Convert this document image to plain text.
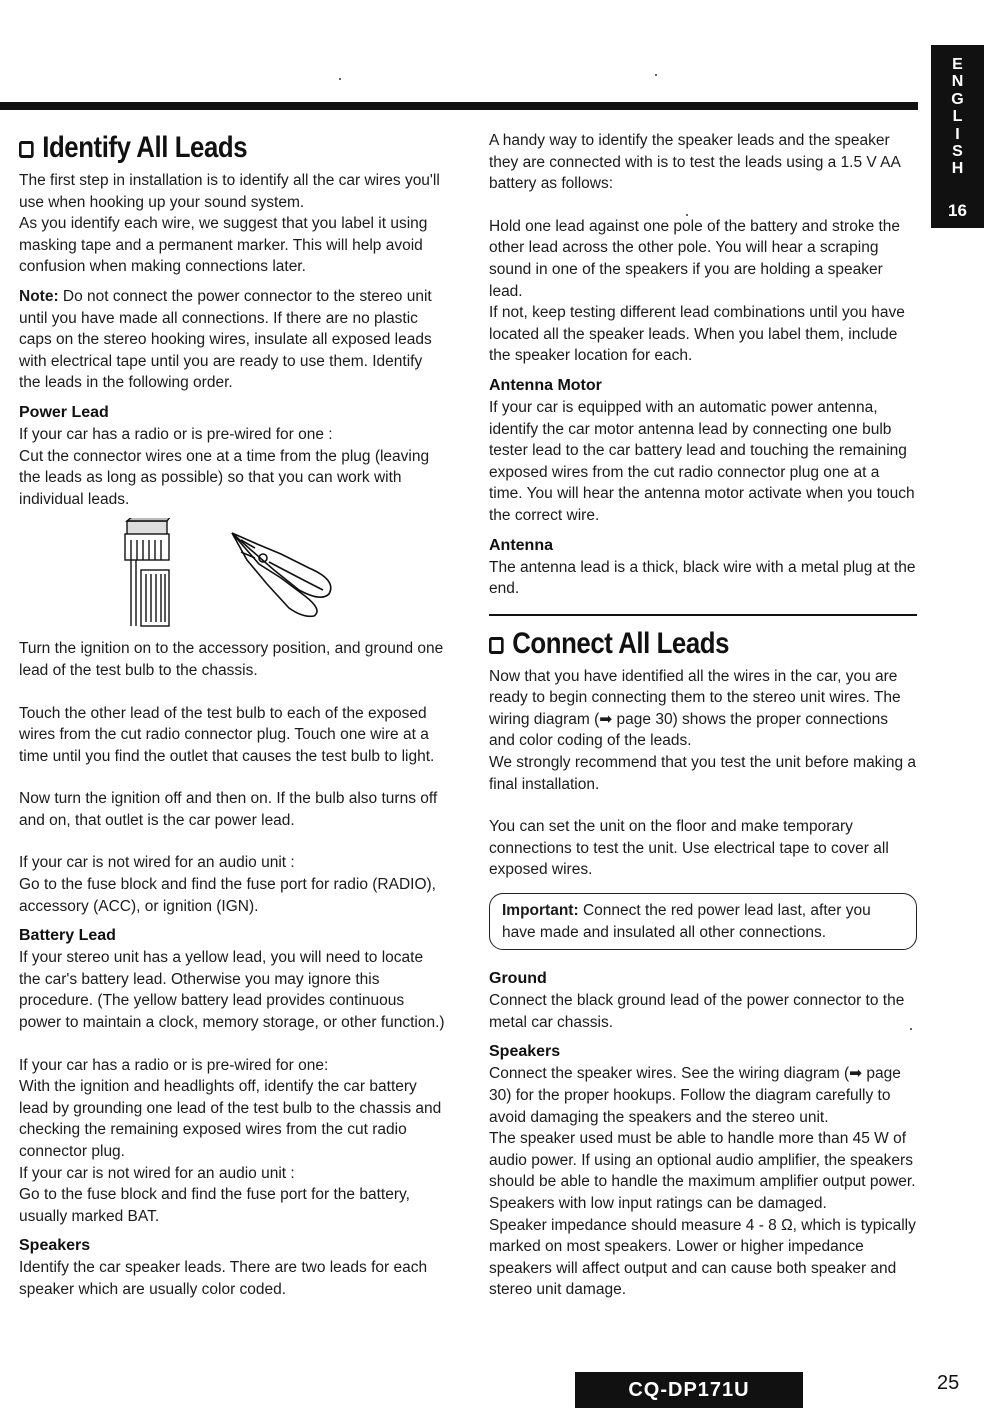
E
N
G
L
I
S
H
16
Identify All Leads

The first step in installation is to identify all the car wires you'll use when hooking up your sound system.

As you identify each wire, we suggest that you label it using masking tape and a permanent marker. This will help avoid confusion when making connections later.

Note: Do not connect the power connector to the stereo unit until you have made all connections. If there are no plastic caps on the stereo hooking wires, insulate all exposed leads with electrical tape until you are ready to use them. Identify the leads in the following order.

Power Lead

If your car has a radio or is pre-wired for one :

Cut the connector wires one at a time from the plug (leaving the leads as long as possible) so that you can work with individual leads.

Turn the ignition on to the accessory position, and ground one lead of the test bulb to the chassis.

Touch the other lead of the test bulb to each of the exposed wires from the cut radio connector plug. Touch one wire at a time until you find the outlet that causes the test bulb to light.

Now turn the ignition off and then on. If the bulb also turns off and on, that outlet is the car power lead.

If your car is not wired for an audio unit :

Go to the fuse block and find the fuse port for radio (RADIO), accessory (ACC), or ignition (IGN).

Battery Lead

If your stereo unit has a yellow lead, you will need to locate the car's battery lead. Otherwise you may ignore this procedure. (The yellow battery lead provides continuous power to maintain a clock, memory storage, or other function.)

If your car has a radio or is pre-wired for one:

With the ignition and headlights off, identify the car battery lead by grounding one lead of the test bulb to the chassis and checking the remaining exposed wires from the cut radio connector plug.

If your car is not wired for an audio unit :

Go to the fuse block and find the fuse port for the battery, usually marked BAT.

Speakers

Identify the car speaker leads. There are two leads for each speaker which are usually color coded.

A handy way to identify the speaker leads and the speaker they are connected with is to test the leads using a 1.5 V AA battery as follows:

Hold one lead against one pole of the battery and stroke the other lead across the other pole. You will hear a scraping sound in one of the speakers if you are holding a speaker lead.

If not, keep testing different lead combinations until you have located all the speaker leads. When you label them, include the speaker location for each.

Antenna Motor

If your car is equipped with an automatic power antenna, identify the car motor antenna lead by connecting one bulb tester lead to the car battery lead and touching the remaining exposed wires from the cut radio connector plug one at a time. You will hear the antenna motor activate when you touch the correct wire.

Antenna

The antenna lead is a thick, black wire with a metal plug at the end.

Connect All Leads

Now that you have identified all the wires in the car, you are ready to begin connecting them to the stereo unit wires. The wiring diagram (➡ page 30) shows the proper connections and color coding of the leads.

We strongly recommend that you test the unit before making a final installation.

You can set the unit on the floor and make temporary connections to test the unit. Use electrical tape to cover all exposed wires.

Important: Connect the red power lead last, after you have made and insulated all other connections.
Ground

Connect the black ground lead of the power connector to the metal car chassis.

Speakers

Connect the speaker wires. See the wiring diagram (➡ page 30) for the proper hookups. Follow the diagram carefully to avoid damaging the speakers and the stereo unit.

The speaker used must be able to handle more than 45 W of audio power. If using an optional audio amplifier, the speakers should be able to handle the maximum amplifier output power. Speakers with low input ratings can be damaged.

Speaker impedance should measure 4 - 8 Ω, which is typically marked on most speakers. Lower or higher impedance speakers will affect output and can cause both speaker and stereo unit damage.

CQ-DP171U	25
